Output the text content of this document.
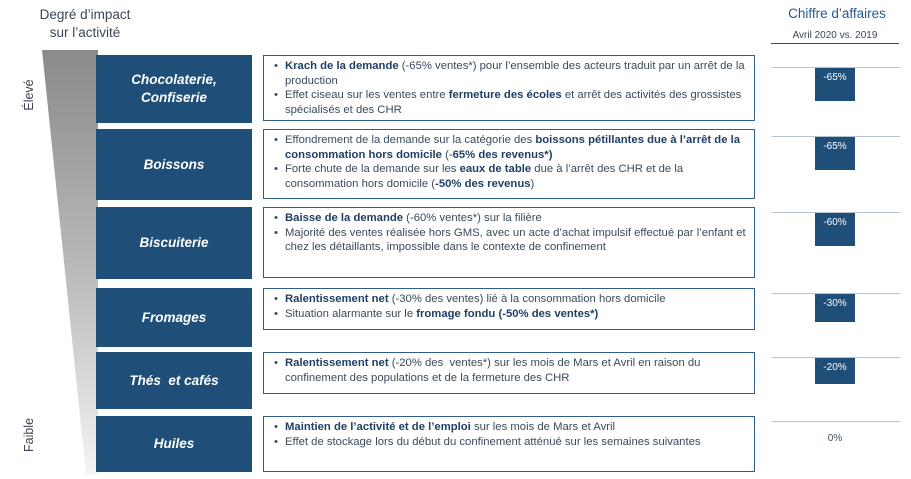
Degré d’impact
sur l’activité
Chiffre d’affaires
Avril 2020 vs. 2019
Élevé
Faible
Chocolaterie,
Confiserie
• Krach de la demande (-65% ventes*) pour l’ensemble des acteurs traduit par un arrêt de la production
• Effet ciseau sur les ventes entre fermeture des écoles et arrêt des activités des grossistes spécialisés et des CHR
Boissons
• Effondrement de la demande sur la catégorie des boissons pétillantes due à l’arrêt de la consommation hors domicile (-65% des revenus*)
• Forte chute de la demande sur les eaux de table due à l’arrêt des CHR et de la consommation hors domicile (-50% des revenus)
Biscuiterie
• Baisse de la demande (-60% ventes*) sur la filière
• Majorité des ventes réalisée hors GMS, avec un acte d’achat impulsif effectué par l’enfant et chez les détaillants, impossible dans le contexte de confinement
Fromages
• Ralentissement net (-30% des ventes) lié à la consommation hors domicile
• Situation alarmante sur le fromage fondu (-50% des ventes*)
Thés  et cafés
• Ralentissement net (-20% des  ventes*) sur les mois de Mars et Avril en raison du confinement des populations et de la fermeture des CHR
Huiles
• Maintien de l’activité et de l’emploi sur les mois de Mars et Avril
• Effet de stockage lors du début du confinement atténué sur les semaines suivantes
-65%
-65%
-60%
-30%
-20%
0%
